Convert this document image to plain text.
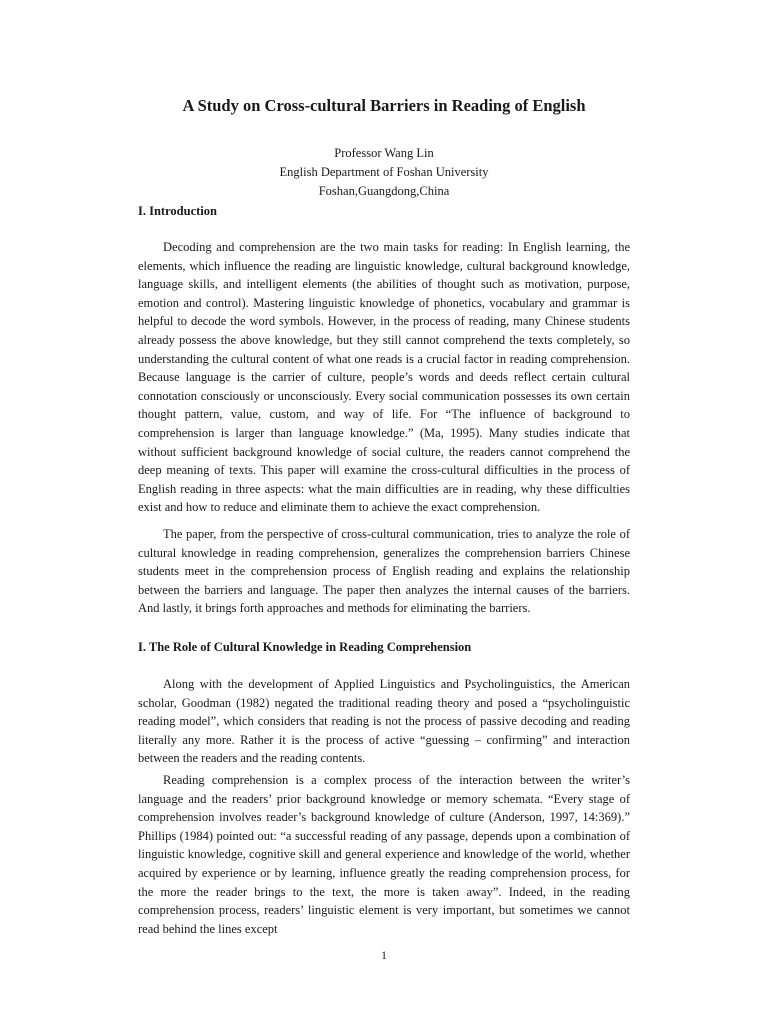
A Study on Cross-cultural Barriers in Reading of English
Professor Wang Lin
English Department of Foshan University
Foshan,Guangdong,China
I. Introduction

Decoding and comprehension are the two main tasks for reading: In English learning, the elements, which influence the reading are linguistic knowledge, cultural background knowledge, language skills, and intelligent elements (the abilities of thought such as motivation, purpose, emotion and control). Mastering linguistic knowledge of phonetics, vocabulary and grammar is helpful to decode the word symbols. However, in the process of reading, many Chinese students already possess the above knowledge, but they still cannot comprehend the texts completely, so understanding the cultural content of what one reads is a crucial factor in reading comprehension. Because language is the carrier of culture, people’s words and deeds reflect certain cultural connotation consciously or unconsciously. Every social communication possesses its own certain thought pattern, value, custom, and way of life. For “The influence of background to comprehension is larger than language knowledge.” (Ma, 1995). Many studies indicate that without sufficient background knowledge of social culture, the readers cannot comprehend the deep meaning of texts. This paper will examine the cross-cultural difficulties in the process of English reading in three aspects: what the main difficulties are in reading, why these difficulties exist and how to reduce and eliminate them to achieve the exact comprehension.

The paper, from the perspective of cross-cultural communication, tries to analyze the role of cultural knowledge in reading comprehension, generalizes the comprehension barriers Chinese students meet in the comprehension process of English reading and explains the relationship between the barriers and language. The paper then analyzes the internal causes of the barriers. And lastly, it brings forth approaches and methods for eliminating the barriers.

I. The Role of Cultural Knowledge in Reading Comprehension

Along with the development of Applied Linguistics and Psycholinguistics, the American scholar, Goodman (1982) negated the traditional reading theory and posed a “psycholinguistic reading model”, which considers that reading is not the process of passive decoding and reading literally any more. Rather it is the process of active “guessing – confirming” and interaction between the readers and the reading contents.

Reading comprehension is a complex process of the interaction between the writer’s language and the readers’ prior background knowledge or memory schemata. “Every stage of comprehension involves reader’s background knowledge of culture (Anderson, 1997, 14:369).” Phillips (1984) pointed out: “a successful reading of any passage, depends upon a combination of linguistic knowledge, cognitive skill and general experience and knowledge of the world, whether acquired by experience or by learning, influence greatly the reading comprehension process, for the more the reader brings to the text, the more is taken away”. Indeed, in the reading comprehension process, readers’ linguistic element is very important, but sometimes we cannot read behind the lines except

1
